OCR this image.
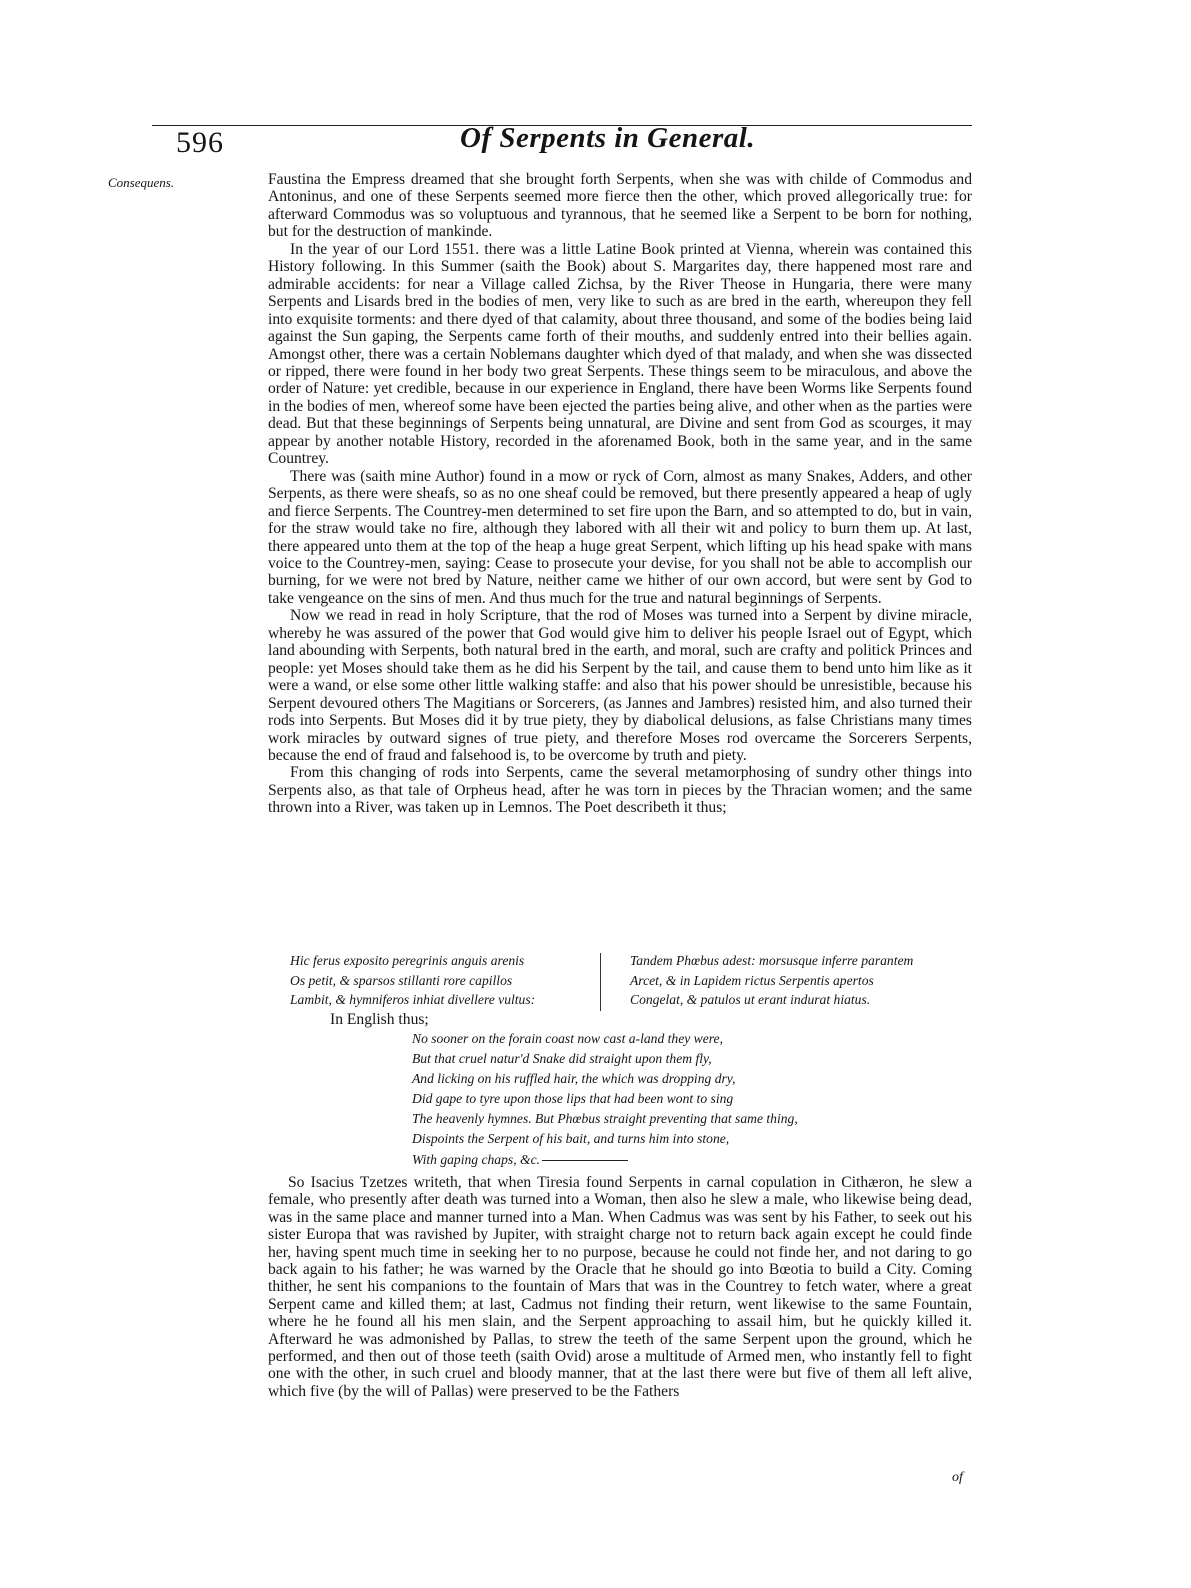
596	Of Serpents in General.
Consequens.	Faustina the Empress dreamed that she brought forth Serpents, when she was with childe of Commodus and Antoninus, and one of these Serpents seemed more fierce then the other, which proved allegorically true: for afterward Commodus was so voluptuous and tyrannous, that he seemed like a Serpent to be born for nothing, but for the destruction of mankinde.

In the year of our Lord 1551. there was a little Latine Book printed at Vienna, wherein was contained this History following. In this Summer (saith the Book) about S. Margarites day, there happened most rare and admirable accidents: for near a Village called Zichsa, by the River Theose in Hungaria, there were many Serpents and Lisards bred in the bodies of men, very like to such as are bred in the earth, whereupon they fell into exquisite torments: and there dyed of that calamity, about three thousand, and some of the bodies being laid against the Sun gaping, the Serpents came forth of their mouths, and suddenly entred into their bellies again. Amongst other, there was a certain Noblemans daughter which dyed of that malady, and when she was dissected or ripped, there were found in her body two great Serpents. These things seem to be miraculous, and above the order of Nature: yet credible, because in our experience in England, there have been Worms like Serpents found in the bodies of men, whereof some have been ejected the parties being alive, and other when as the parties were dead. But that these beginnings of Serpents being unnatural, are Divine and sent from God as scourges, it may appear by another notable History, recorded in the aforenamed Book, both in the same year, and in the same Countrey.

There was (saith mine Author) found in a mow or ryck of Corn, almost as many Snakes, Adders, and other Serpents, as there were sheafs, so as no one sheaf could be removed, but there presently appeared a heap of ugly and fierce Serpents. The Countrey-men determined to set fire upon the Barn, and so attempted to do, but in vain, for the straw would take no fire, although they labored with all their wit and policy to burn them up. At last, there appeared unto them at the top of the heap a huge great Serpent, which lifting up his head spake with mans voice to the Countrey-men, saying: Cease to prosecute your devise, for you shall not be able to accomplish our burning, for we were not bred by Nature, neither came we hither of our own accord, but were sent by God to take vengeance on the sins of men. And thus much for the true and natural beginnings of Serpents.

Now we read in read in holy Scripture, that the rod of Moses was turned into a Serpent by divine miracle, whereby he was assured of the power that God would give him to deliver his people Israel out of Egypt, which land abounding with Serpents, both natural bred in the earth, and moral, such are crafty and politick Princes and people: yet Moses should take them as he did his Serpent by the tail, and cause them to bend unto him like as it were a wand, or else some other little walking staffe: and also that his power should be unresistible, because his Serpent devoured others The Magitians or Sorcerers, (as Jannes and Jambres) resisted him, and also turned their rods into Serpents. But Moses did it by true piety, they by diabolical delusions, as false Christians many times work miracles by outward signes of true piety, and therefore Moses rod overcame the Sorcerers Serpents, because the end of fraud and falsehood is, to be overcome by truth and piety.

From this changing of rods into Serpents, came the several metamorphosing of sundry other things into Serpents also, as that tale of Orpheus head, after he was torn in pieces by the Thracian women; and the same thrown into a River, was taken up in Lemnos. The Poet describeth it thus;

Hic ferus exposito peregrinis anguis arenis
Os petit, & sparsos stillanti rore capillos
Lambit, & hymniferos inhiat divellere vultus:
Tandem Phœbus adest: morsusque inferre parantem
Arcet, & in Lapidem rictus Serpentis apertos
Congelat, & patulos ut erant indurat hiatus.
In English thus;
No sooner on the forain coast now cast a-land they were,
But that cruel natur'd Snake did straight upon them fly,
And licking on his ruffled hair, the which was dropping dry,
Did gape to tyre upon those lips that had been wont to sing
The heavenly hymnes. But Phœbus straight preventing that same thing,
Dispoints the Serpent of his bait, and turns him into stone,
With gaping chaps, &c.

So Isacius Tzetzes writeth, that when Tiresia found Serpents in carnal copulation in Cithæron, he slew a female, who presently after death was turned into a Woman, then also he slew a male, who likewise being dead, was in the same place and manner turned into a Man. When Cadmus was was sent by his Father, to seek out his sister Europa that was ravished by Jupiter, with straight charge not to return back again except he could finde her, having spent much time in seeking her to no purpose, because he could not finde her, and not daring to go back again to his father; he was warned by the Oracle that he should go into Bœotia to build a City. Coming thither, he sent his companions to the fountain of Mars that was in the Countrey to fetch water, where a great Serpent came and killed them; at last, Cadmus not finding their return, went likewise to the same Fountain, where he he found all his men slain, and the Serpent approaching to assail him, but he quickly killed it. Afterward he was admonished by Pallas, to strew the teeth of the same Serpent upon the ground, which he performed, and then out of those teeth (saith Ovid) arose a multitude of Armed men, who instantly fell to fight one with the other, in such cruel and bloody manner, that at the last there were but five of them all left alive, which five (by the will of Pallas) were preserved to be the Fathers

of
